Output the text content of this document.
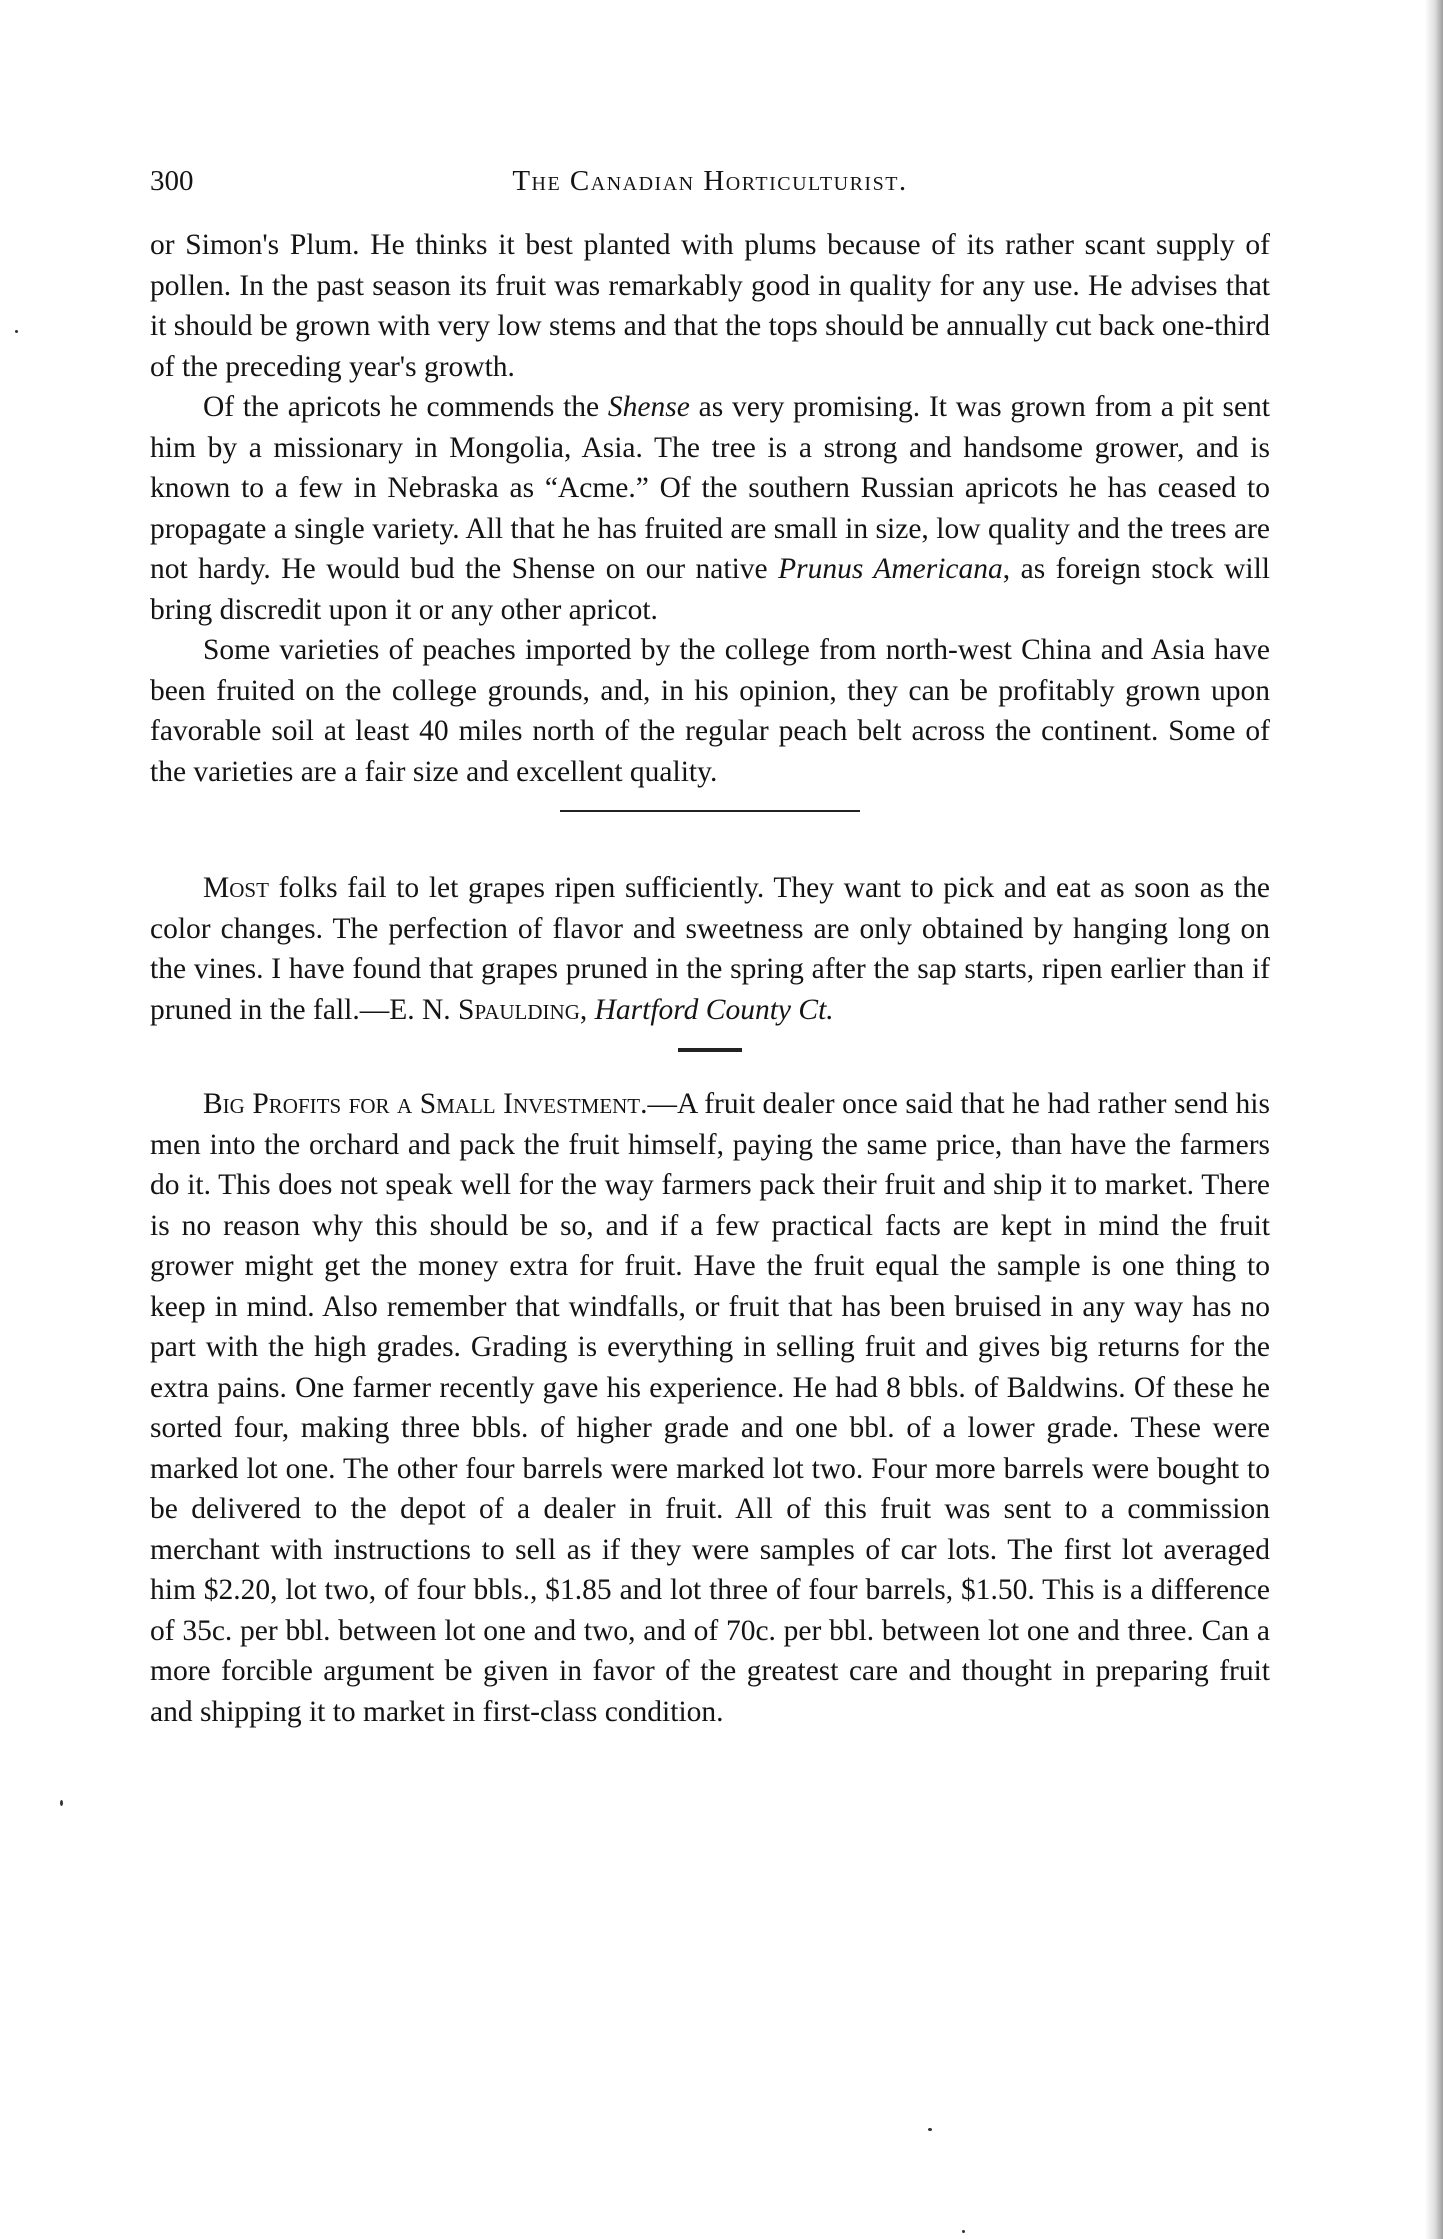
300	The Canadian Horticulturist.

or Simon's Plum. He thinks it best planted with plums because of its rather scant supply of pollen. In the past season its fruit was remarkably good in quality for any use. He advises that it should be grown with very low stems and that the tops should be annually cut back one-third of the preceding year's growth.

Of the apricots he commends the Shense as very promising. It was grown from a pit sent him by a missionary in Mongolia, Asia. The tree is a strong and handsome grower, and is known to a few in Nebraska as “Acme.” Of the southern Russian apricots he has ceased to propagate a single variety. All that he has fruited are small in size, low quality and the trees are not hardy. He would bud the Shense on our native Prunus Americana, as foreign stock will bring discredit upon it or any other apricot.

Some varieties of peaches imported by the college from north-west China and Asia have been fruited on the college grounds, and, in his opinion, they can be profitably grown upon favorable soil at least 40 miles north of the regular peach belt across the continent. Some of the varieties are a fair size and excellent quality.

Most folks fail to let grapes ripen sufficiently. They want to pick and eat as soon as the color changes. The perfection of flavor and sweetness are only obtained by hanging long on the vines. I have found that grapes pruned in the spring after the sap starts, ripen earlier than if pruned in the fall.—E. N. Spaulding, Hartford County Ct.

Big Profits for a Small Investment.—A fruit dealer once said that he had rather send his men into the orchard and pack the fruit himself, paying the same price, than have the farmers do it. This does not speak well for the way farmers pack their fruit and ship it to market. There is no reason why this should be so, and if a few practical facts are kept in mind the fruit grower might get the money extra for fruit. Have the fruit equal the sample is one thing to keep in mind. Also remember that windfalls, or fruit that has been bruised in any way has no part with the high grades. Grading is everything in selling fruit and gives big returns for the extra pains. One farmer recently gave his experience. He had 8 bbls. of Baldwins. Of these he sorted four, making three bbls. of higher grade and one bbl. of a lower grade. These were marked lot one. The other four barrels were marked lot two. Four more barrels were bought to be delivered to the depot of a dealer in fruit. All of this fruit was sent to a commission merchant with instructions to sell as if they were samples of car lots. The first lot averaged him $2.20, lot two, of four bbls., $1.85 and lot three of four barrels, $1.50. This is a difference of 35c. per bbl. between lot one and two, and of 70c. per bbl. between lot one and three. Can a more forcible argument be given in favor of the greatest care and thought in preparing fruit and shipping it to market in first-class condition.
